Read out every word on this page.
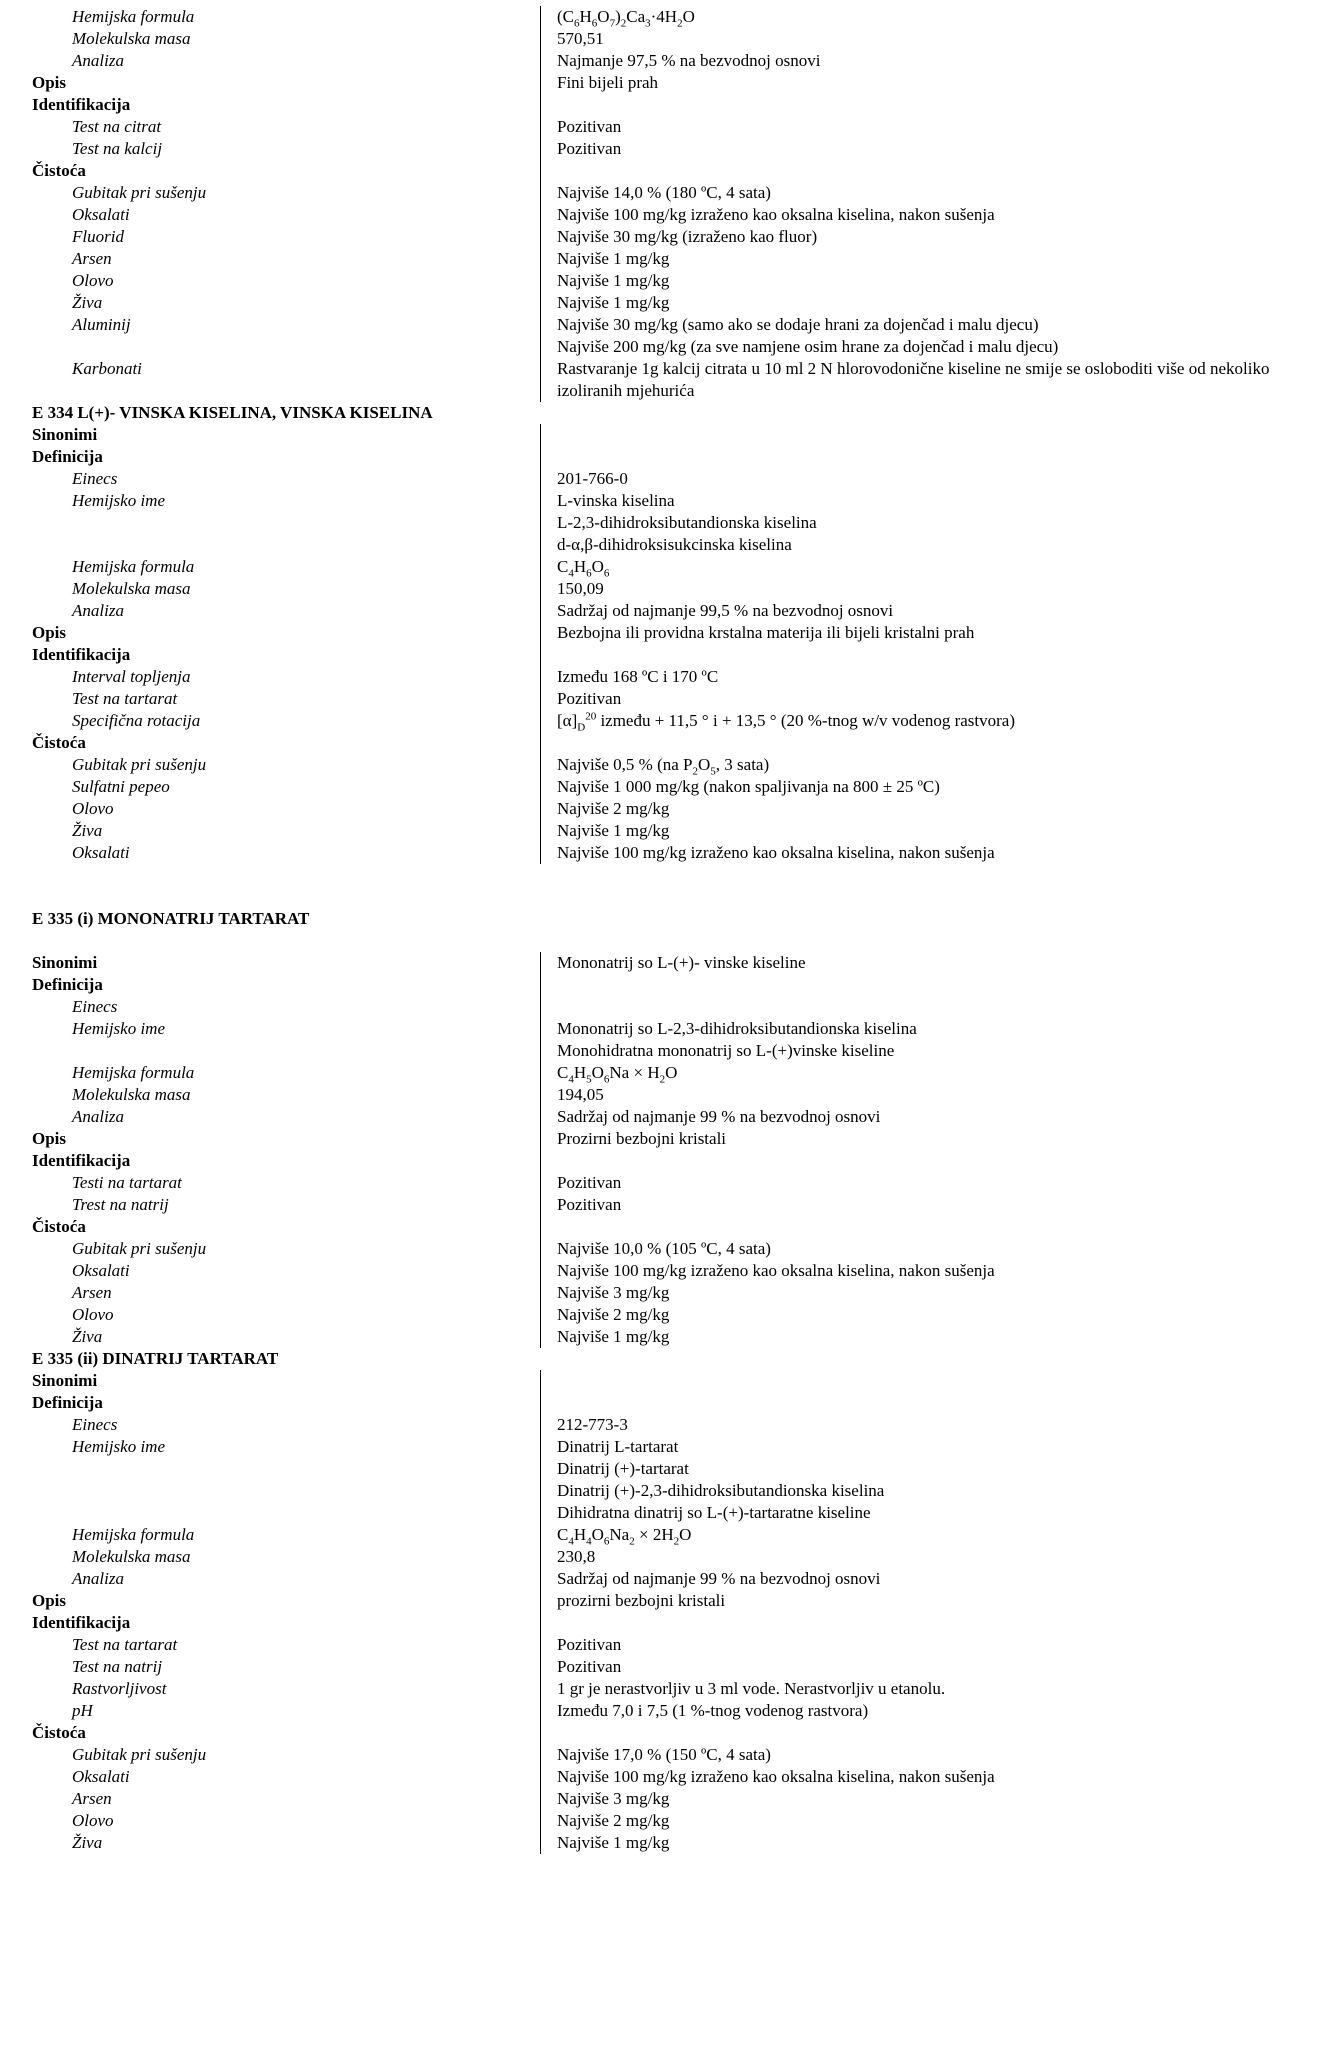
Hemijska formula	$(C_6H_6O_7)_2Ca_3\cdot 4H_2O$
Molekulska masa	570,51
Analiza	Najmanje 97,5 % na bezvodnoj osnovi
Opis	Fini bijeli prah
Identifikacija
Test na citrat	Pozitivan
Test na kalcij	Pozitivan
Čistoća
Gubitak pri sušenju	Najviše 14,0 % (180 ºC, 4 sata)
Oksalati	Najviše 100 mg/kg izraženo kao oksalna kiselina, nakon sušenja
Fluorid	Najviše 30 mg/kg (izraženo kao fluor)
Arsen	Najviše 1 mg/kg
Olovo	Najviše 1 mg/kg
Živa	Najviše 1 mg/kg
Aluminij	Najviše 30 mg/kg (samo ako se dodaje hrani za dojenčad i malu djecu)
Najviše 200 mg/kg (za sve namjene osim hrane za dojenčad i malu djecu)
Karbonati	Rastvaranje 1g kalcij citrata u 10 ml 2 N hlorovodonične kiseline ne smije se osloboditi više od nekoliko izoliranih mjehurića
E 334 L(+)- VINSKA KISELINA, VINSKA KISELINA
Sinonimi
Definicija
Einecs	201-766-0
Hemijsko ime	L-vinska kiselina
L-2,3-dihidroksibutandionska kiselina
d-α,β-dihidroksisukcinska kiselina
Hemijska formula	$C_4H_6O_6$
Molekulska masa	150,09
Analiza	Sadržaj od najmanje 99,5 % na bezvodnoj osnovi
Opis	Bezbojna ili providna krstalna materija ili bijeli kristalni prah
Identifikacija
Interval topljenja	Između 168 ºC i 170 ºC
Test na tartarat	Pozitivan
Specifična rotacija	$[\alpha]_D^{20}$ između + 11,5 ° i + 13,5 ° (20 %-tnog w/v vodenog rastvora)
Čistoća
Gubitak pri sušenju	Najviše 0,5 % (na $P_2O_5$, 3 sata)
Sulfatni pepeo	Najviše 1 000 mg/kg (nakon spaljivanja na 800 ± 25 ºC)
Olovo	Najviše 2 mg/kg
Živa	Najviše 1 mg/kg
Oksalati	Najviše 100 mg/kg izraženo kao oksalna kiselina, nakon sušenja
E 335 (i) MONONATRIJ TARTARAT
Sinonimi	Mononatrij so L-(+)- vinske kiseline
Definicija
Einecs
Hemijsko ime	Mononatrij so L-2,3-dihidroksibutandionska kiselina
Monohidratna mononatrij so L-(+)vinske kiseline
Hemijska formula	$C_4H_5O_6Na \times H_2O$
Molekulska masa	194,05
Analiza	Sadržaj od najmanje 99 % na bezvodnoj osnovi
Opis	Prozirni bezbojni kristali
Identifikacija
Testi na tartarat	Pozitivan
Trest na natrij	Pozitivan
Čistoća
Gubitak pri sušenju	Najviše 10,0 % (105 ºC, 4 sata)
Oksalati	Najviše 100 mg/kg izraženo kao oksalna kiselina, nakon sušenja
Arsen	Najviše 3 mg/kg
Olovo	Najviše 2 mg/kg
Živa	Najviše 1 mg/kg
E 335 (ii) DINATRIJ TARTARAT
Sinonimi
Definicija
Einecs	212-773-3
Hemijsko ime	Dinatrij L-tartarat
Dinatrij (+)-tartarat
Dinatrij (+)-2,3-dihidroksibutandionska kiselina
Dihidratna dinatrij so L-(+)-tartaratne kiseline
Hemijska formula	$C_4H_4O_6Na_2 \times 2H_2O$
Molekulska masa	230,8
Analiza	Sadržaj od najmanje 99 % na bezvodnoj osnovi
Opis	prozirni bezbojni kristali
Identifikacija
Test na tartarat	Pozitivan
Test na natrij	Pozitivan
Rastvorljivost	1 gr je nerastvorljiv u 3 ml vode. Nerastvorljiv u etanolu.
pH	Između 7,0 i 7,5 (1 %-tnog vodenog rastvora)
Čistoća
Gubitak pri sušenju	Najviše 17,0 % (150 ºC, 4 sata)
Oksalati	Najviše 100 mg/kg izraženo kao oksalna kiselina, nakon sušenja
Arsen	Najviše 3 mg/kg
Olovo	Najviše 2 mg/kg
Živa	Najviše 1 mg/kg
